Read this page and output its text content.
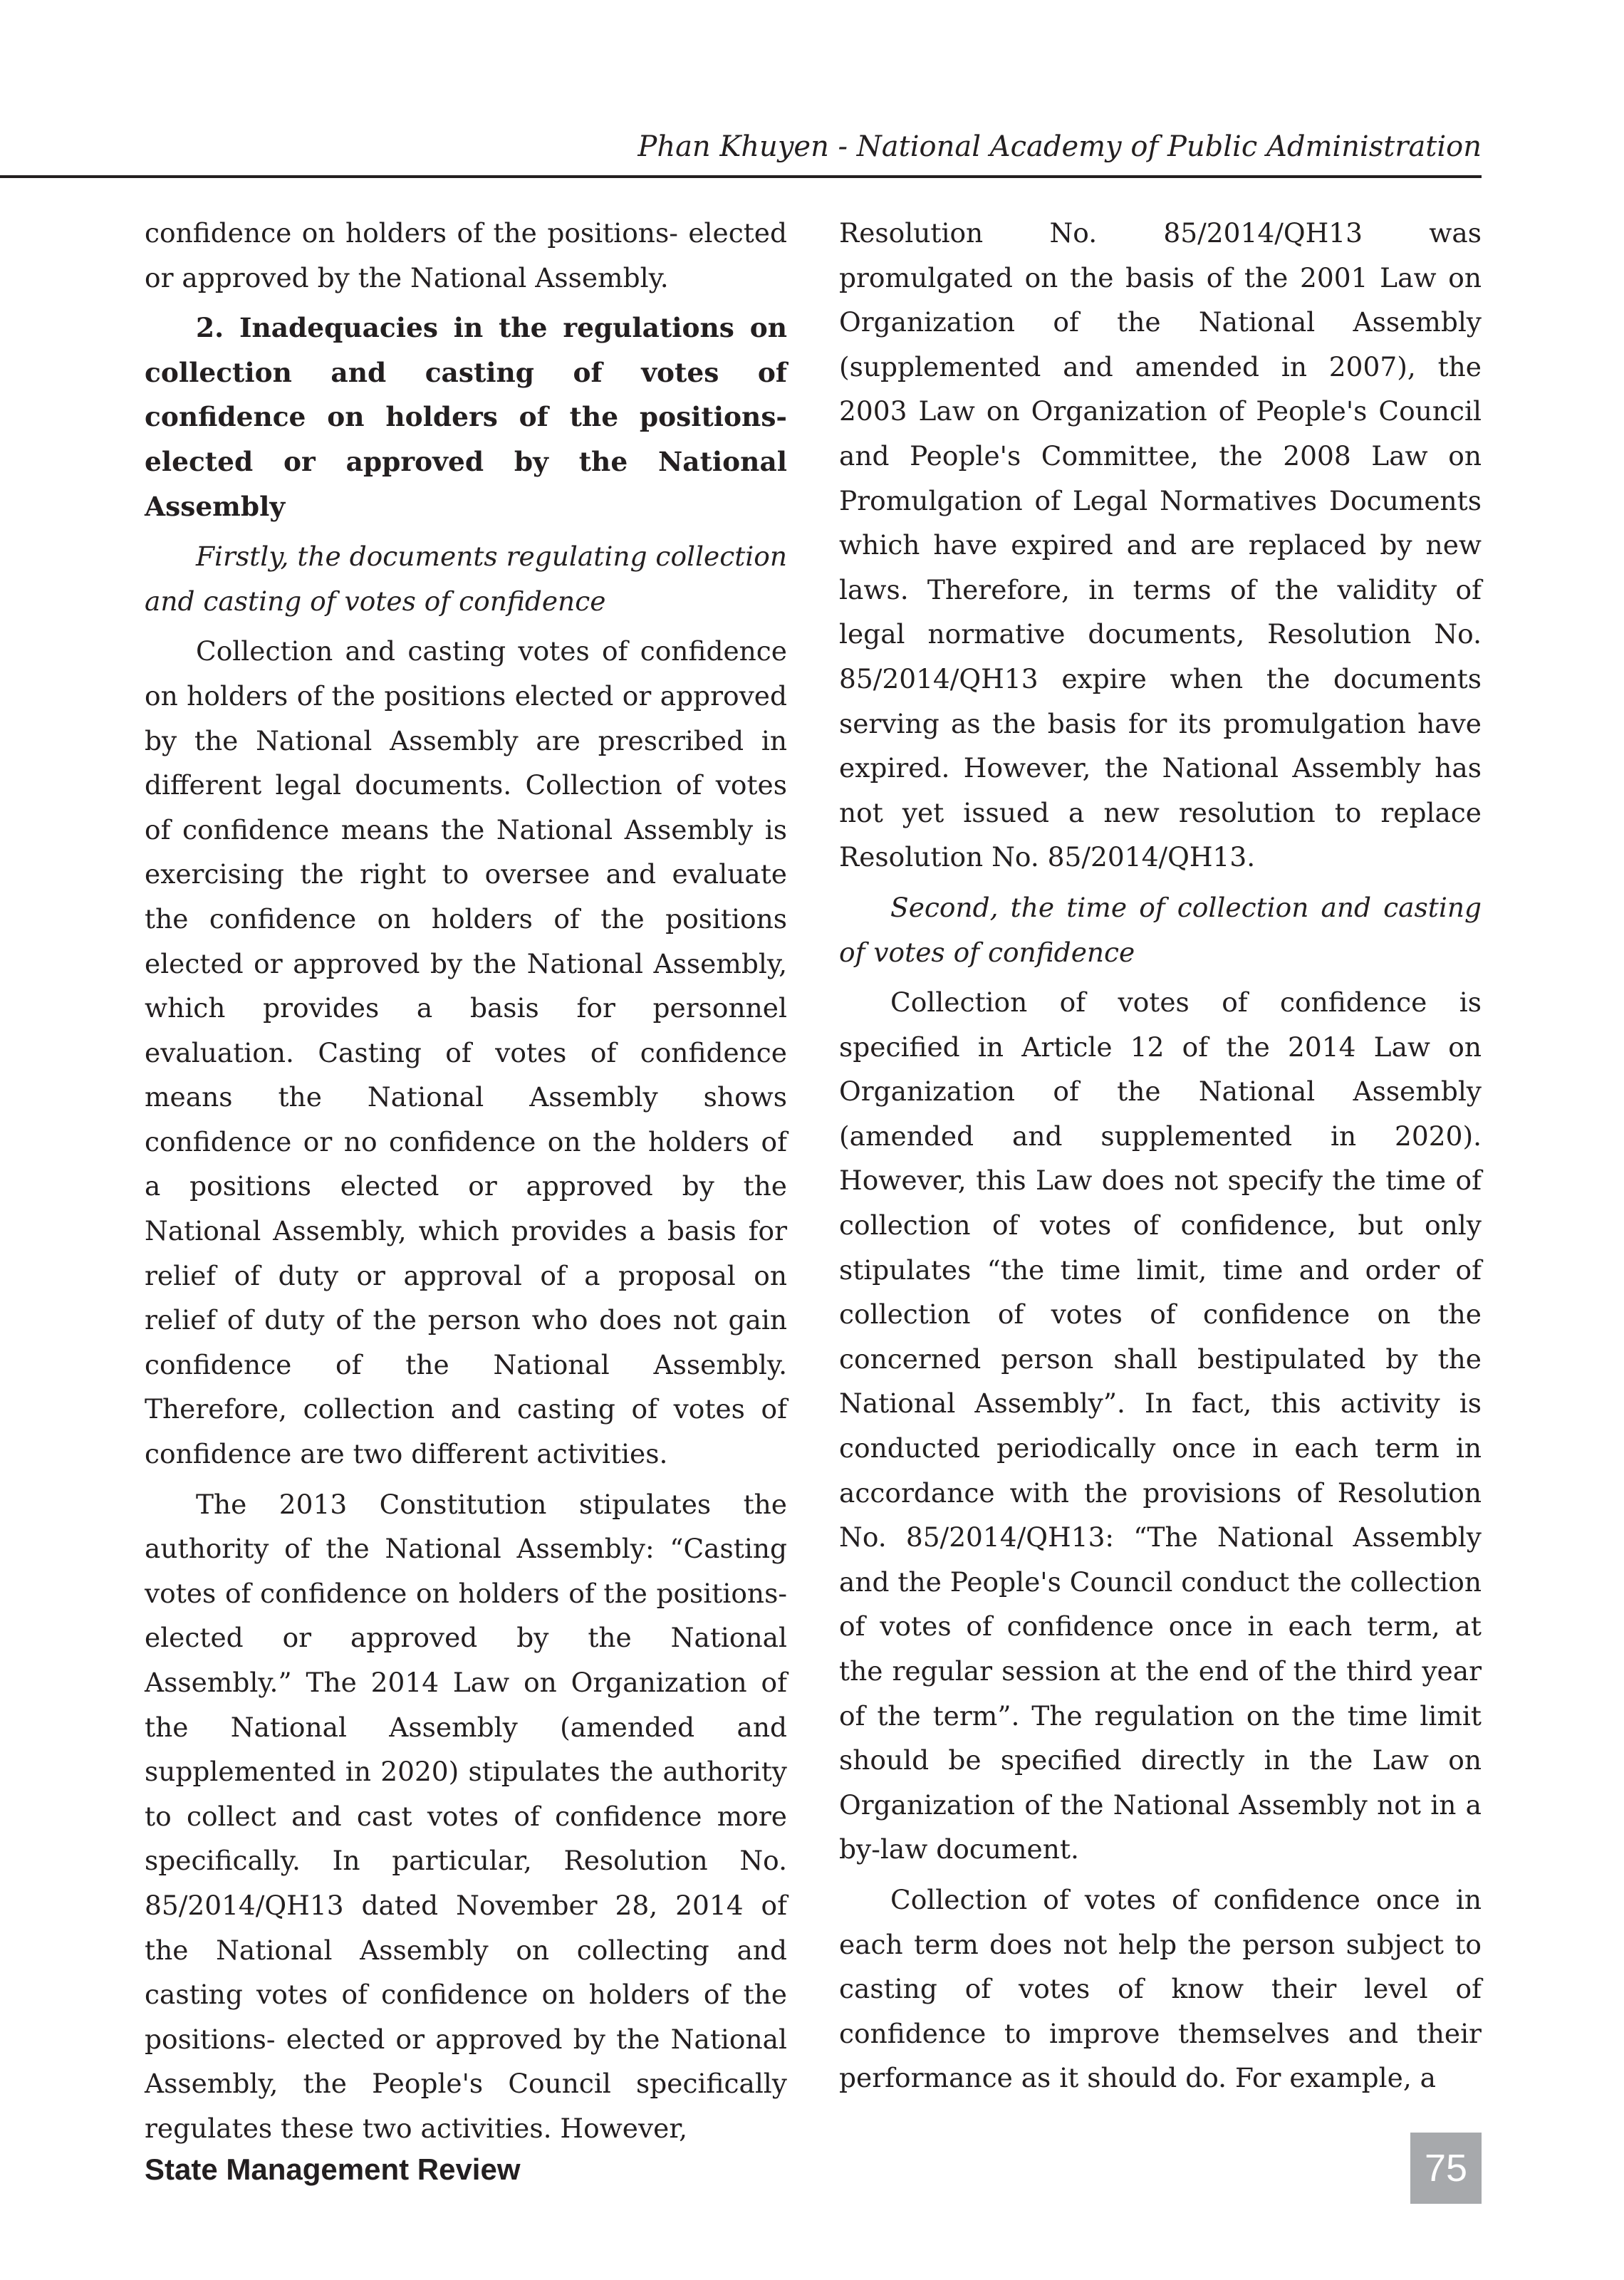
Phan Khuyen - National Academy of Public Administration

confidence on holders of the positions- elected or approved by the National Assembly.

2. Inadequacies in the regulations on collection and casting of votes of confidence on holders of the positions- elected or approved by the National Assembly

Firstly, the documents regulating collection and casting of votes of confidence

Collection and casting votes of confidence on holders of the positions elected or approved by the National Assembly are prescribed in different legal documents. Collection of votes of confidence means the National Assembly is exercising the right to oversee and evaluate the confidence on holders of the positions elected or approved by the National Assembly, which provides a basis for personnel evaluation. Casting of votes of confidence means the National Assembly shows confidence or no confidence on the holders of a positions elected or approved by the National Assembly, which provides a basis for relief of duty or approval of a proposal on relief of duty of the person who does not gain confidence of the National Assembly. Therefore, collection and casting of votes of confidence are two different activities.

The 2013 Constitution stipulates the authority of the National Assembly: “Casting votes of confidence on holders of the positions- elected or approved by the National Assembly.” The 2014 Law on Organization of the National Assembly (amended and supplemented in 2020) stipulates the authority to collect and cast votes of confidence more specifically. In particular, Resolution No. 85/2014/QH13 dated November 28, 2014 of the National Assembly on collecting and casting votes of confidence on holders of the positions- elected or approved by the National Assembly, the People's Council specifically regulates these two activities. However,

Resolution No. 85/2014/QH13 was promulgated on the basis of the 2001 Law on Organization of the National Assembly (supplemented and amended in 2007), the 2003 Law on Organization of People's Council and People's Committee, the 2008 Law on Promulgation of Legal Normatives Documents which have expired and are replaced by new laws. Therefore, in terms of the validity of legal normative documents, Resolution No. 85/2014/QH13 expire when the documents serving as the basis for its promulgation have expired. However, the National Assembly has not yet issued a new resolution to replace Resolution No. 85/2014/QH13.

Second, the time of collection and casting of votes of confidence

Collection of votes of confidence is specified in Article 12 of the 2014 Law on Organization of the National Assembly (amended and supplemented in 2020). However, this Law does not specify the time of collection of votes of confidence, but only stipulates “the time limit, time and order of collection of votes of confidence on the concerned person shall bestipulated by the National Assembly”. In fact, this activity is conducted periodically once in each term in accordance with the provisions of Resolution No. 85/2014/QH13: “The National Assembly and the People's Council conduct the collection of votes of confidence once in each term, at the regular session at the end of the third year of the term”. The regulation on the time limit should be specified directly in the Law on Organization of the National Assembly not in a by-law document.

Collection of votes of confidence once in each term does not help the person subject to casting of votes of know their level of confidence to improve themselves and their performance as it should do. For example, a

State Management Review	75
